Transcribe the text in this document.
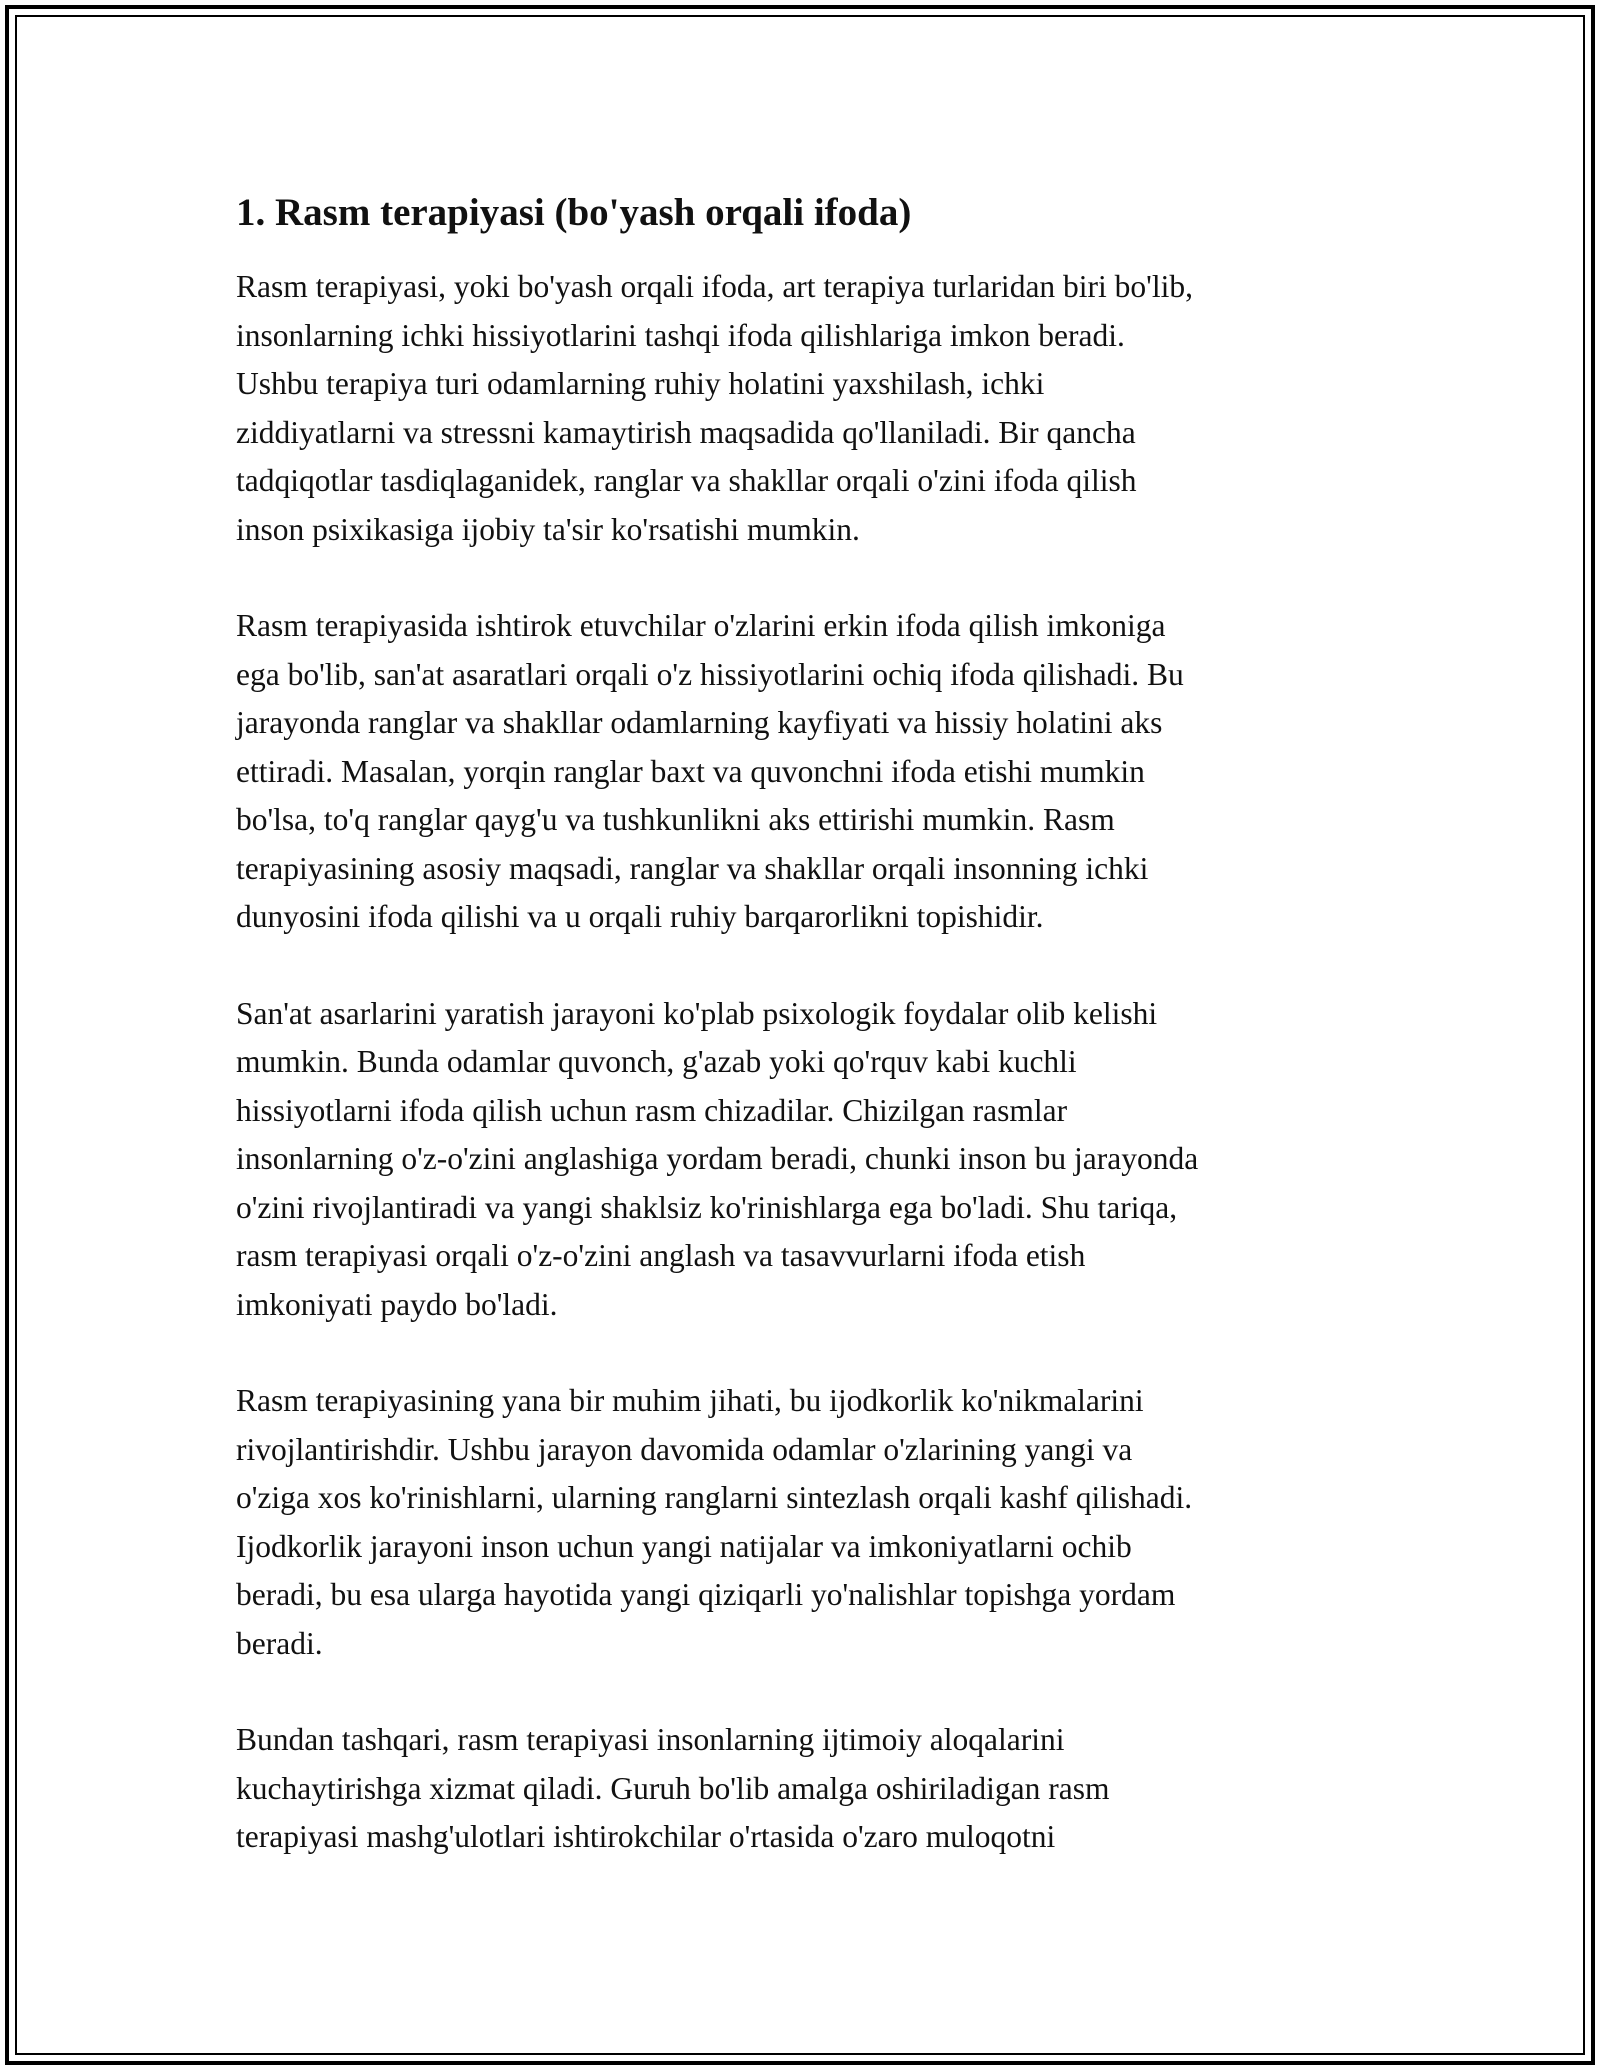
1. Rasm terapiyasi (bo'yash orqali ifoda)

Rasm terapiyasi, yoki bo'yash orqali ifoda, art terapiya turlaridan biri bo'lib,
insonlarning ichki hissiyotlarini tashqi ifoda qilishlariga imkon beradi.
Ushbu terapiya turi odamlarning ruhiy holatini yaxshilash, ichki
ziddiyatlarni va stressni kamaytirish maqsadida qo'llaniladi. Bir qancha
tadqiqotlar tasdiqlaganidek, ranglar va shakllar orqali o'zini ifoda qilish
inson psixikasiga ijobiy ta'sir ko'rsatishi mumkin.

Rasm terapiyasida ishtirok etuvchilar o'zlarini erkin ifoda qilish imkoniga
ega bo'lib, san'at asaratlari orqali o'z hissiyotlarini ochiq ifoda qilishadi. Bu
jarayonda ranglar va shakllar odamlarning kayfiyati va hissiy holatini aks
ettiradi. Masalan, yorqin ranglar baxt va quvonchni ifoda etishi mumkin
bo'lsa, to'q ranglar qayg'u va tushkunlikni aks ettirishi mumkin. Rasm
terapiyasining asosiy maqsadi, ranglar va shakllar orqali insonning ichki
dunyosini ifoda qilishi va u orqali ruhiy barqarorlikni topishidir.

San'at asarlarini yaratish jarayoni ko'plab psixologik foydalar olib kelishi
mumkin. Bunda odamlar quvonch, g'azab yoki qo'rquv kabi kuchli
hissiyotlarni ifoda qilish uchun rasm chizadilar. Chizilgan rasmlar
insonlarning o'z-o'zini anglashiga yordam beradi, chunki inson bu jarayonda
o'zini rivojlantiradi va yangi shaklsiz ko'rinishlarga ega bo'ladi. Shu tariqa,
rasm terapiyasi orqali o'z-o'zini anglash va tasavvurlarni ifoda etish
imkoniyati paydo bo'ladi.

Rasm terapiyasining yana bir muhim jihati, bu ijodkorlik ko'nikmalarini
rivojlantirishdir. Ushbu jarayon davomida odamlar o'zlarining yangi va
o'ziga xos ko'rinishlarni, ularning ranglarni sintezlash orqali kashf qilishadi.
Ijodkorlik jarayoni inson uchun yangi natijalar va imkoniyatlarni ochib
beradi, bu esa ularga hayotida yangi qiziqarli yo'nalishlar topishga yordam
beradi.

Bundan tashqari, rasm terapiyasi insonlarning ijtimoiy aloqalarini
kuchaytirishga xizmat qiladi. Guruh bo'lib amalga oshiriladigan rasm
terapiyasi mashg'ulotlari ishtirokchilar o'rtasida o'zaro muloqotni
